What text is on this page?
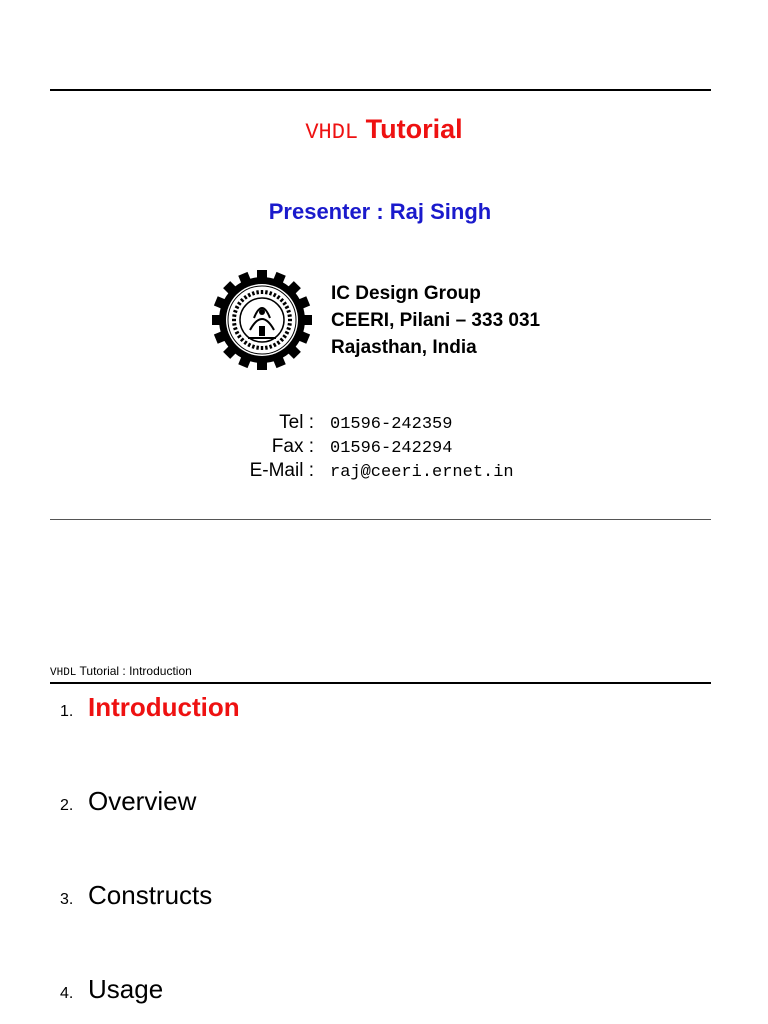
VHDL Tutorial
Presenter : Raj Singh
IC Design Group
CEERI, Pilani – 333 031
Rajasthan, India
Tel : 01596-242359
Fax : 01596-242294
E-Mail : raj@ceeri.ernet.in
VHDL Tutorial : Introduction
1. Introduction
2. Overview
3. Constructs
4. Usage
